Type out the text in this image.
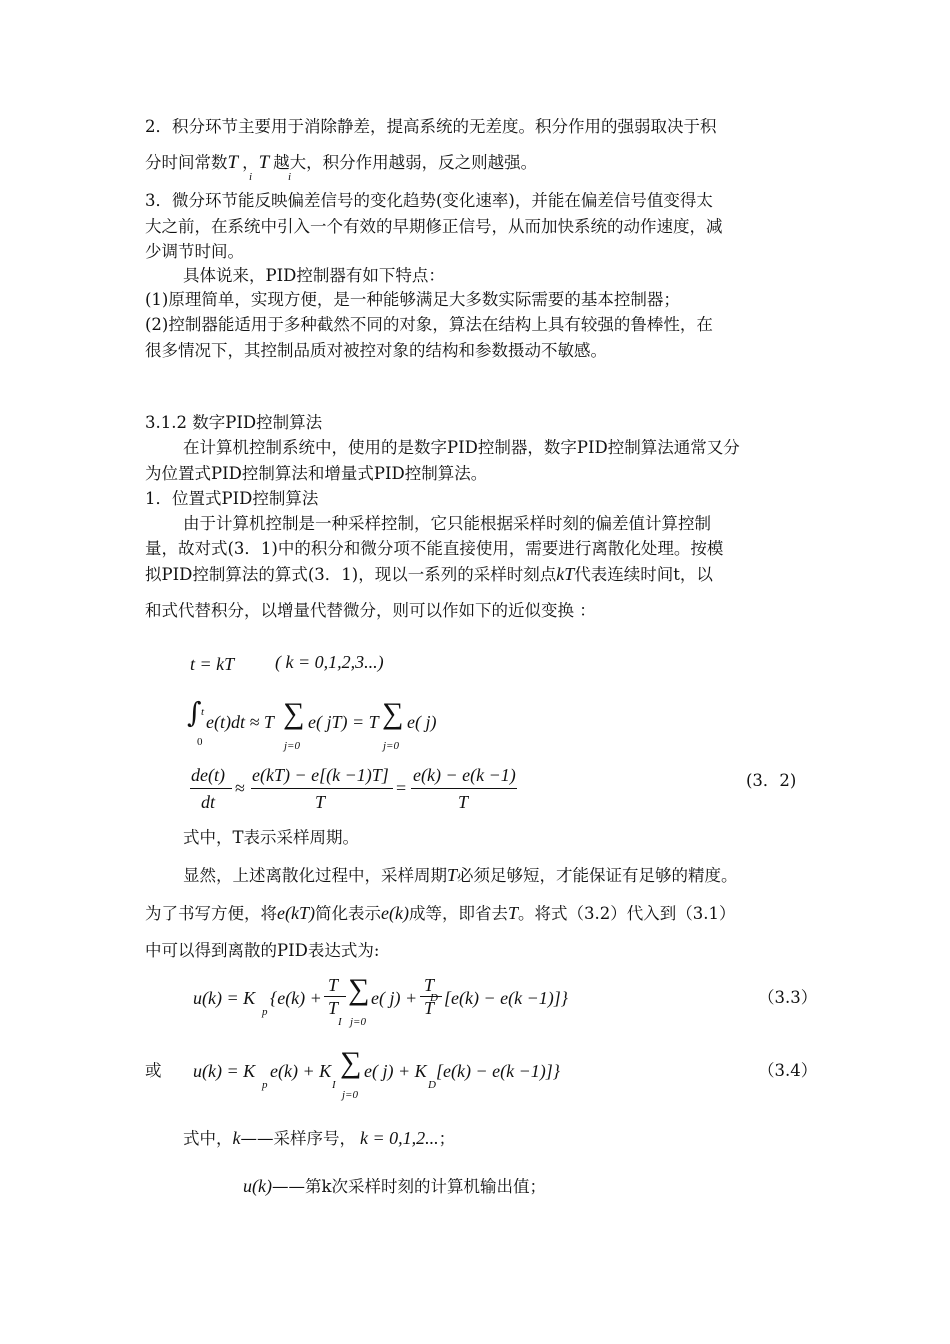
2．积分环节主要用于消除静差，提高系统的无差度。积分作用的强弱取决于积
分时间常数T ，T 越大，积分作用越弱，反之则越强。
i	i
3．微分环节能反映偏差信号的变化趋势(变化速率)，并能在偏差信号值变得太
大之前，在系统中引入一个有效的早期修正信号，从而加快系统的动作速度，减
少调节时间。
具体说来，PID控制器有如下特点：
(1)原理简单，实现方便，是一种能够满足大多数实际需要的基本控制器；
(2)控制器能适用于多种截然不同的对象，算法在结构上具有较强的鲁棒性，在
很多情况下，其控制品质对被控对象的结构和参数摄动不敏感。
3.1.2 数字PID控制算法
在计算机控制系统中，使用的是数字PID控制器，数字PID控制算法通常又分
为位置式PID控制算法和增量式PID控制算法。
1．位置式PID控制算法
由于计算机控制是一种采样控制，它只能根据采样时刻的偏差值计算控制
量，故对式(3．1)中的积分和微分项不能直接使用，需要进行离散化处理。按模
拟PID控制算法的算式(3．1)，现以一系列的采样时刻点kT代表连续时间t，以
和式代替积分，以增量代替微分，则可以作如下的近似变换 ：
t = kT ( k = 0,1,2,3...)
∫ t
0
e(t)dt ≈ T ∑
j=0
e( jT) = T ∑
j=0
e( j)
de(t)
dt
≈
e(kT) − e[(k −1)T]
T
=
e(k) − e(k −1)
T
(3．2)
式中，T表示采样周期。
显然，上述离散化过程中，采样周期T必须足够短，才能保证有足够的精度。
为了书写方便，将e(kT)简化表示e(k)成等，即省去T。将式（3.2）代入到（3.1）
中可以得到离散的PID表达式为:
u(k) = K
p
{e(k) +
T
T
I
∑
j=0
e( j) +
T
T
D [e(k) − e(k −1)]}	（3.3）
或 u(k) = K
p
e(k) + K
I
∑
j=0
e( j) + K
D
[e(k) − e(k −1)]}	（3.4）
式中，k——采样序号， k = 0,1,2...；
u(k)——第k次采样时刻的计算机输出值；
